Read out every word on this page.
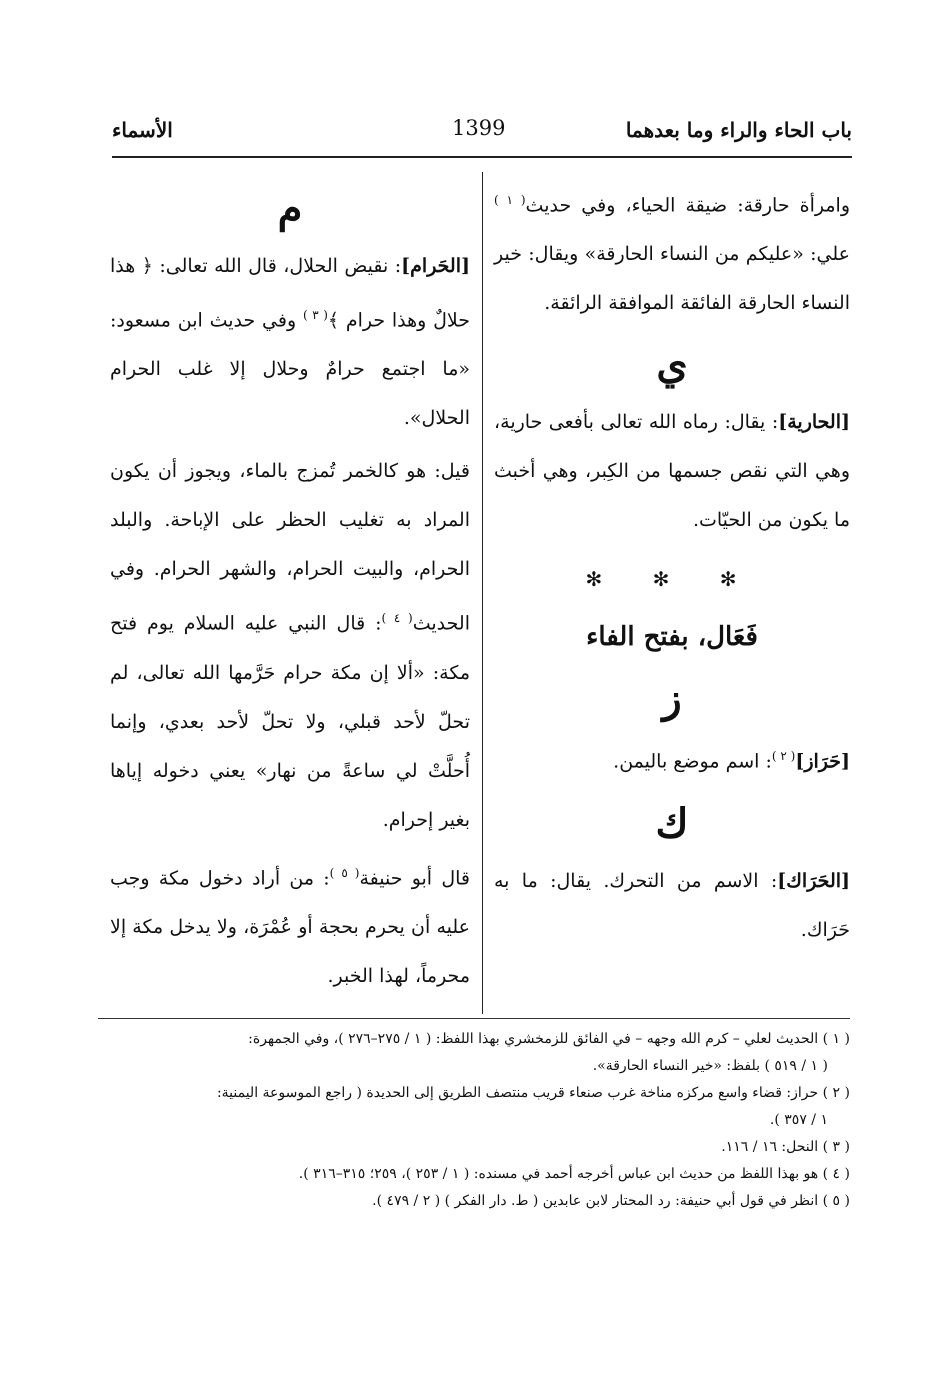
باب الحاء والراء وما بعدهما
1399
الأسماء

وامرأة حارقة: ضيقة الحياء، وفي حديث$^{( ١ )}$ علي: «عليكم من النساء الحارقة» ويقال: خير النساء الحارقة الفائقة الموافقة الرائقة.

ي

[الحارية]: يقال: رماه الله تعالى بأفعى حارية، وهي التي نقص جسمها من الكِبر، وهي أخبث ما يكون من الحيّات.

✻ ✻ ✻

فَعَال، بفتح الفاء

ز

[حَرَاز]$^{( ٢ )}$: اسم موضع باليمن.

ك

[الحَرَاك]: الاسم من التحرك. يقال: ما به حَرَاك.

م

[الحَرام]: نقيض الحلال، قال الله تعالى: ﴿ هذا حلالٌ وهذا حرام ﴾$^{( ٣ )}$ وفي حديث ابن مسعود: «ما اجتمع حرامٌ وحلال إلا غلب الحرام الحلال».

قيل: هو كالخمر تُمزج بالماء، ويجوز أن يكون المراد به تغليب الحظر على الإباحة. والبلد الحرام، والبيت الحرام، والشهر الحرام. وفي الحديث$^{( ٤ )}$: قال النبي عليه السلام يوم فتح مكة: «ألا إن مكة حرام حَرَّمها الله تعالى، لم تحلّ لأحد قبلي، ولا تحلّ لأحد بعدي، وإنما أُحلَّتْ لي ساعةً من نهار» يعني دخوله إياها بغير إحرام.

قال أبو حنيفة$^{( ٥ )}$: من أراد دخول مكة وجب عليه أن يحرم بحجة أو عُمْرَة، ولا يدخل مكة إلا محرماً، لهذا الخبر.

( ١ ) الحديث لعلي – كرم الله وجهه – في الفائق للزمخشري بهذا اللفظ: ( ١ / ٢٧٥–٢٧٦ )، وفي الجمهرة:

( ١ / ٥١٩ ) بلفظ: «خير النساء الحارقة».

( ٢ ) حراز: قضاء واسع مركزه مناخة غرب صنعاء قريب منتصف الطريق إلى الحديدة ( راجع الموسوعة اليمنية:

١ / ٣٥٧ ).

( ٣ ) النحل: ١٦ / ١١٦.

( ٤ ) هو بهذا اللفظ من حديث ابن عباس أخرجه أحمد في مسنده: ( ١ / ٢٥٣ )، ٢٥٩؛ ٣١٥–٣١٦ ).

( ٥ ) انظر في قول أبي حنيفة: رد المحتار لابن عابدين ( ط. دار الفكر ) ( ٢ / ٤٧٩ ).
